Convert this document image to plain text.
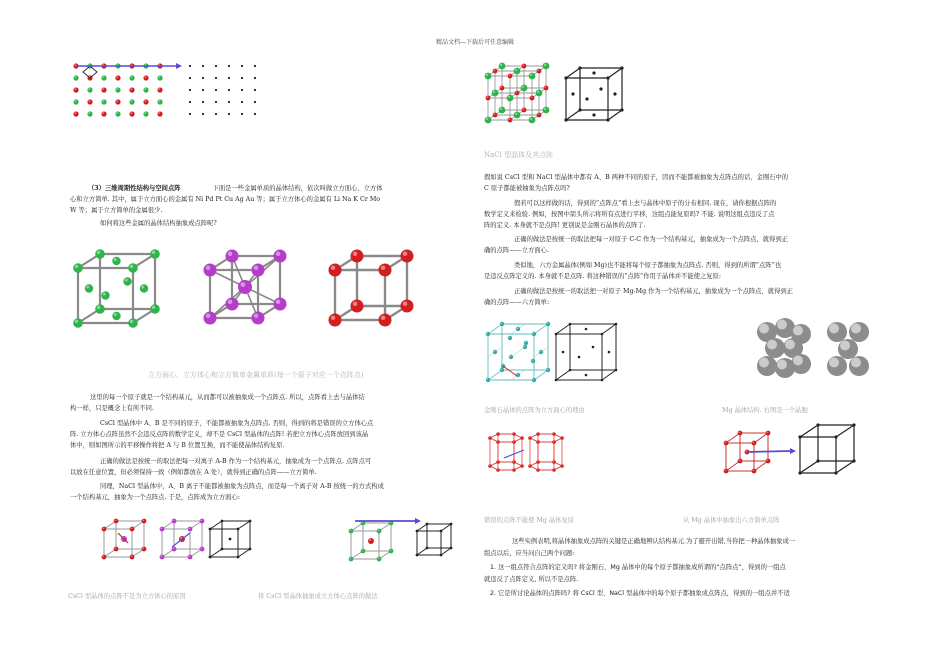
精品文档---下载后可任意编辑
（3）三维周期性结构与空间点阵	下面是一些金属单质的晶体结构，依次叫做立方面心、立方体
心和立方简单. 其中，属于立方面心的金属有 Ni Pd Pt Cu Ag Au 等；属于立方体心的金属有 Li Na K Cr Mo
W 等；属于立方简单的金属很少.
如何将这些金属的晶体结构抽象成点阵呢?
立方面心、立方体心和立方简单金属单质(每一个原子对应一个点阵点)
这里的每一个原子就是一个结构基元，从而都可以被抽象成一个点阵点. 所以，点阵看上去与晶体结
构一样，只是概念上有所不同.
CsCl 型晶体中 A、B 是不同的原子，不能都被抽象为点阵点. 否则，得到的将是错误的立方体心点
阵. 立方体心点阵虽然不会违反点阵的数学定义，却不是 CsCl 型晶体的点阵! 若把立方体心点阵放回到该晶
体中，则如图所示的平移操作将把 A 与 B 位置互换，而不能使晶体结构复原.
正确的做法是按统一的取法把每一对离子 A-B 作为一个结构基元，抽象成为一个点阵点. 点阵点可
以放在任意位置，但必须保持一致（例如都放在 A 处），就得到正确的点阵——立方简单.
同理，NaCl 型晶体中，A、B 离子不能都被抽象为点阵点，而是每一个离子对 A-B 按统一的方式构成
一个结构基元，抽象为一个点阵点. 于是，点阵成为立方面心:
CsCl 型晶体的点阵不是为立方体心的原因	将 CsCl 型晶体抽象成立方体心点阵的做法
NaCl 型晶体及其点阵
假如说 CsCl 型和 NaCl 型晶体中都有 A、B 两种不同的原子，因而不能都被抽象为点阵点的话，金刚石中的
C 原子都能被抽象为点阵点吗?
假若可以这样做的话，得到的“点阵点”看上去与晶体中原子的分布相同. 现在，请你根据点阵的
数学定义来检验. 例如，按图中箭头所示将所有点进行平移，这组点能复原吗? 不能. 说明这组点违反了点
阵的定义. 本身就不是点阵! 更别说是金刚石晶体的点阵了.
正确的做法是按统一的取法把每一对原子 C-C 作为一个结构基元，抽象成为一个点阵点，就得到正
确的点阵——立方面心.
类似地，六方金属晶体(例如 Mg)也不能将每个原子都抽象为点阵点. 否则，得到的所谓“点阵”也
是违反点阵定义的. 本身就不是点阵. 将这种错误的“点阵”作用于晶体并不能使之复原:
正确的做法是按统一的取法把一对原子 Mg-Mg 作为一个结构基元，抽象成为一个点阵点，就得到正
确的点阵——六方简单:
金刚石晶体的点阵为立方面心的理由	Mg 晶体结构. 右图是一个晶胞
错误的点阵不能使 Mg 晶体复原	从 Mg 晶体中抽象出六方简单点阵
这些实例表明,将晶体抽象成点阵的关键是正确地辨认结构基元.为了避开出错,当你把一种晶体抽象成一
组点以后，应当问自己两个问题:
1. 这一组点符合点阵的定义吗? 将金刚石、Mg 晶体中的每个原子都抽象成所谓的“点阵点”，得到的一组点
就违反了点阵定义, 所以不是点阵.
2. 它是所讨论晶体的点阵吗? 将 CsCl 型、NaCl 型晶体中的每个原子都抽象成点阵点，得到的一组点并不适
